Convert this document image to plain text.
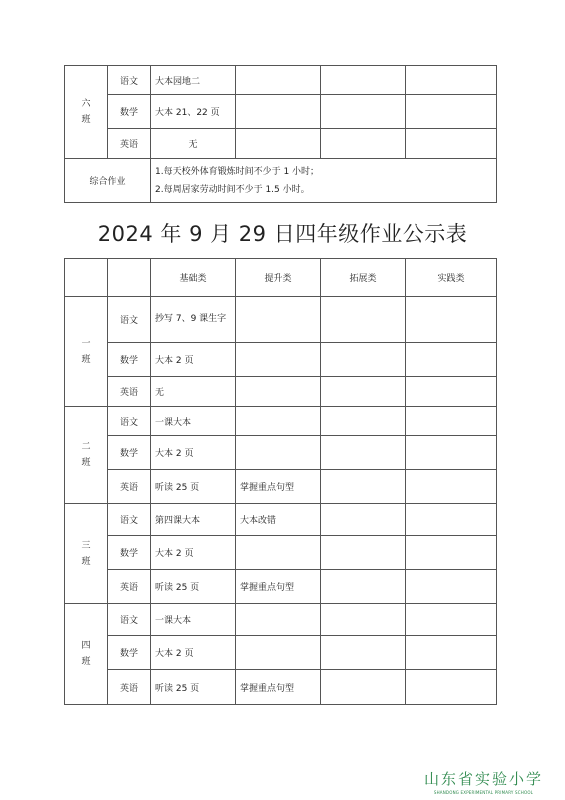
六
班	语文	大本园地二			
	数学	大本 21、22 页			
	英语	无			
综合作业		1.每天校外体育锻炼时间不少于 1 小时；
2.每周居家劳动时间不少于 1.5 小时。			
2024 年 9 月 29 日四年级作业公示表
		基础类	提升类	拓展类	实践类

一
班	语文	抄写 7、9 课生字			
	数学	大本 2 页			
	英语	无			

二
班	语文	一课大本			
	数学	大本 2 页			
	英语	听读 25 页	掌握重点句型		

三
班	语文	第四课大本	大本改错		
	数学	大本 2 页			
	英语	听读 25 页	掌握重点句型		

四
班	语文	一课大本			
	数学	大本 2 页			
	英语	听读 25 页	掌握重点句型		
山东省实验小学
SHANDONG EXPERIMENTAL PRIMARY SCHOOL
